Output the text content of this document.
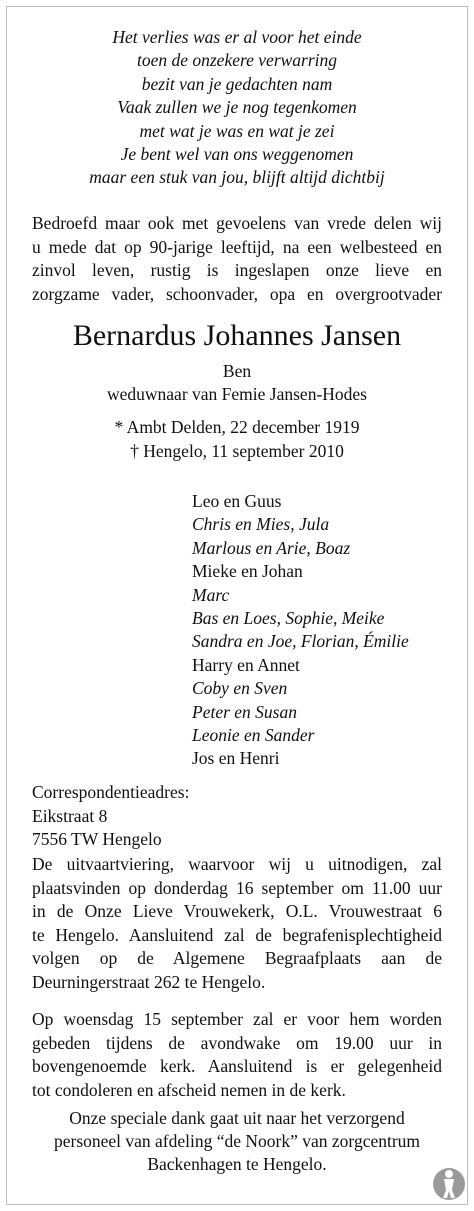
Het verlies was er al voor het einde
toen de onzekere verwarring
bezit van je gedachten nam
Vaak zullen we je nog tegenkomen
met wat je was en wat je zei
Je bent wel van ons weggenomen
maar een stuk van jou, blijft altijd dichtbij
Bedroefd maar ook met gevoelens van vrede delen wij
u mede dat op 90-jarige leeftijd, na een welbesteed en
zinvol leven, rustig is ingeslapen onze lieve en
zorgzame vader, schoonvader, opa en overgrootvader
Bernardus Johannes Jansen
Ben
weduwnaar van Femie Jansen-Hodes
* Ambt Delden, 22 december 1919
† Hengelo, 11 september 2010
Leo en Guus
Chris en Mies, Jula
Marlous en Arie, Boaz
Mieke en Johan
Marc
Bas en Loes, Sophie, Meike
Sandra en Joe, Florian, Émilie
Harry en Annet
Coby en Sven
Peter en Susan
Leonie en Sander
Jos en Henri
Correspondentieadres:
Eikstraat 8
7556 TW Hengelo
De uitvaartviering, waarvoor wij u uitnodigen, zal
plaatsvinden op donderdag 16 september om 11.00 uur
in de Onze Lieve Vrouwekerk, O.L. Vrouwestraat 6
te Hengelo. Aansluitend zal de begrafenisplechtigheid
volgen op de Algemene Begraafplaats aan de
Deurningerstraat 262 te Hengelo.
Op woensdag 15 september zal er voor hem worden
gebeden tijdens de avondwake om 19.00 uur in
bovengenoemde kerk. Aansluitend is er gelegenheid
tot condoleren en afscheid nemen in de kerk.
Onze speciale dank gaat uit naar het verzorgend
personeel van afdeling “de Noork” van zorgcentrum
Backenhagen te Hengelo.
